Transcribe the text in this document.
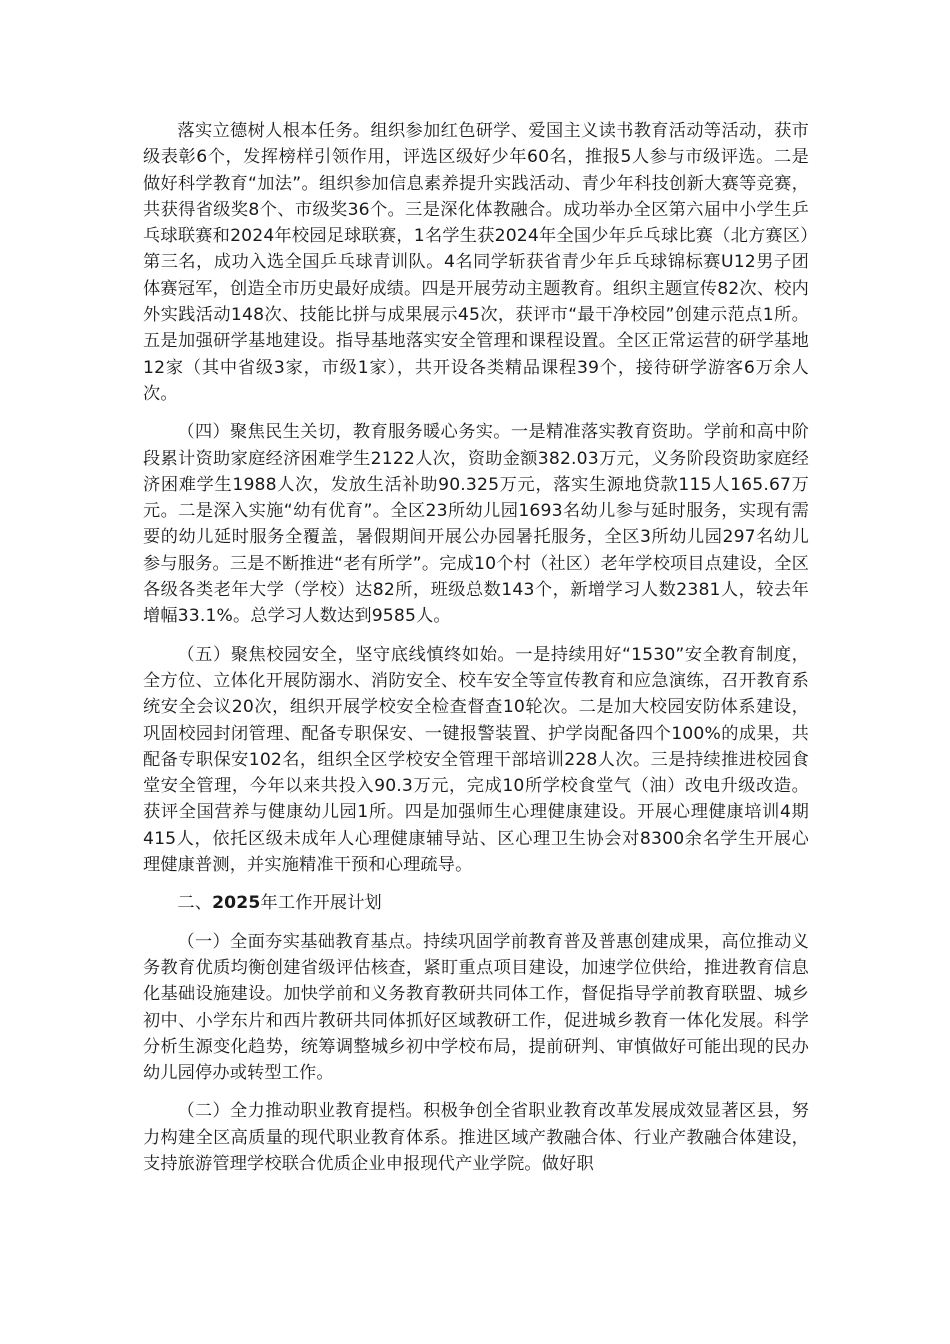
落实立德树人根本任务。组织参加红色研学、爱国主义读书教育活动等活动，获市级表彰6个，发挥榜样引领作用，评选区级好少年60名，推报5人参与市级评选。二是做好科学教育“加法”。组织参加信息素养提升实践活动、青少年科技创新大赛等竞赛，共获得省级奖8个、市级奖36个。三是深化体教融合。成功举办全区第六届中小学生乒乓球联赛和2024年校园足球联赛，1名学生获2024年全国少年乒乓球比赛（北方赛区）第三名，成功入选全国乒乓球青训队。4名同学斩获省青少年乒乓球锦标赛U12男子团体赛冠军，创造全市历史最好成绩。四是开展劳动主题教育。组织主题宣传82次、校内外实践活动148次、技能比拼与成果展示45次，获评市“最干净校园”创建示范点1所。五是加强研学基地建设。指导基地落实安全管理和课程设置。全区正常运营的研学基地12家（其中省级3家，市级1家），共开设各类精品课程39个，接待研学游客6万余人次。

（四）聚焦民生关切，教育服务暖心务实。一是精准落实教育资助。学前和高中阶段累计资助家庭经济困难学生2122人次，资助金额382.03万元，义务阶段资助家庭经济困难学生1988人次，发放生活补助90.325万元，落实生源地贷款115人165.67万元。二是深入实施“幼有优育”。全区23所幼儿园1693名幼儿参与延时服务，实现有需要的幼儿延时服务全覆盖，暑假期间开展公办园暑托服务，全区3所幼儿园297名幼儿参与服务。三是不断推进“老有所学”。完成10个村（社区）老年学校项目点建设，全区各级各类老年大学（学校）达82所，班级总数143个，新增学习人数2381人，较去年增幅33.1%。总学习人数达到9585人。

（五）聚焦校园安全，坚守底线慎终如始。一是持续用好“1530”安全教育制度，全方位、立体化开展防溺水、消防安全、校车安全等宣传教育和应急演练，召开教育系统安全会议20次，组织开展学校安全检查督查10轮次。二是加大校园安防体系建设，巩固校园封闭管理、配备专职保安、一键报警装置、护学岗配备四个100%的成果，共配备专职保安102名，组织全区学校安全管理干部培训228人次。三是持续推进校园食堂安全管理，今年以来共投入90.3万元，完成10所学校食堂气（油）改电升级改造。获评全国营养与健康幼儿园1所。四是加强师生心理健康建设。开展心理健康培训4期415人，依托区级未成年人心理健康辅导站、区心理卫生协会对8300余名学生开展心理健康普测，并实施精准干预和心理疏导。

二、2025年工作开展计划

（一）全面夯实基础教育基点。持续巩固学前教育普及普惠创建成果，高位推动义务教育优质均衡创建省级评估核查，紧盯重点项目建设，加速学位供给，推进教育信息化基础设施建设。加快学前和义务教育教研共同体工作，督促指导学前教育联盟、城乡初中、小学东片和西片教研共同体抓好区域教研工作，促进城乡教育一体化发展。科学分析生源变化趋势，统筹调整城乡初中学校布局，提前研判、审慎做好可能出现的民办幼儿园停办或转型工作。

（二）全力推动职业教育提档。积极争创全省职业教育改革发展成效显著区县，努力构建全区高质量的现代职业教育体系。推进区域产教融合体、行业产教融合体建设，支持旅游管理学校联合优质企业申报现代产业学院。做好职
